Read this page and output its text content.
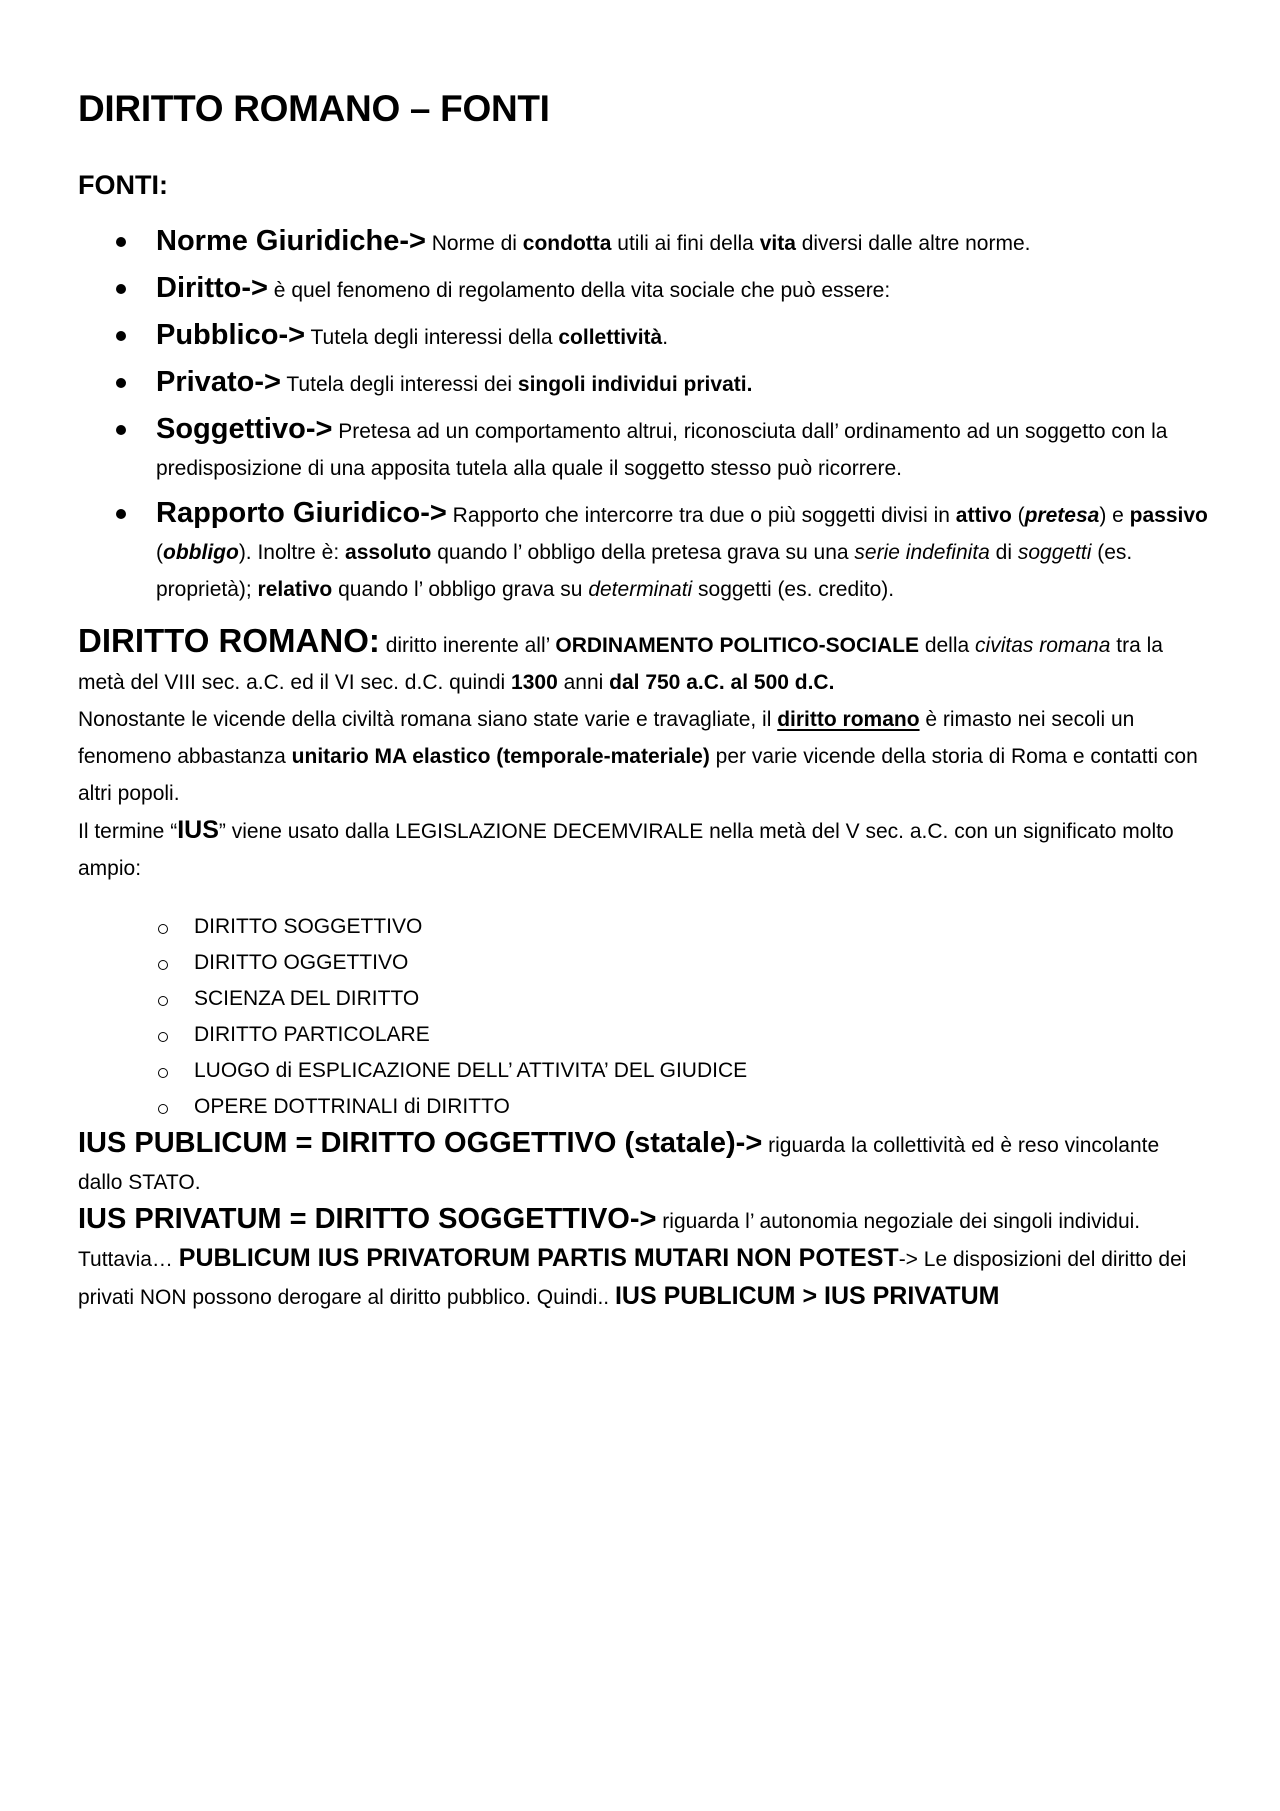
DIRITTO ROMANO – FONTI
FONTI:
Norme Giuridiche-> Norme di condotta utili ai fini della vita diversi dalle altre norme.
Diritto-> è quel fenomeno di regolamento della vita sociale che può essere:
Pubblico-> Tutela degli interessi della collettività.
Privato-> Tutela degli interessi dei singoli individui privati.
Soggettivo-> Pretesa ad un comportamento altrui, riconosciuta dall’ ordinamento ad un soggetto con la predisposizione di una apposita tutela alla quale il soggetto stesso può ricorrere.
Rapporto Giuridico-> Rapporto che intercorre tra due o più soggetti divisi in attivo (pretesa) e passivo (obbligo). Inoltre è: assoluto quando l’ obbligo della pretesa grava su una serie indefinita di soggetti (es. proprietà); relativo quando l’ obbligo grava su determinati soggetti (es. credito).

DIRITTO ROMANO: diritto inerente all’ ORDINAMENTO POLITICO-SOCIALE della civitas romana tra la metà del VIII sec. a.C. ed il VI sec. d.C. quindi 1300 anni dal 750 a.C. al 500 d.C.

Nonostante le vicende della civiltà romana siano state varie e travagliate, il diritto romano è rimasto nei secoli un fenomeno abbastanza unitario MA elastico (temporale-materiale) per varie vicende della storia di Roma e contatti con altri popoli.

Il termine “IUS” viene usato dalla LEGISLAZIONE DECEMVIRALE nella metà del V sec. a.C. con un significato molto ampio:

DIRITTO SOGGETTIVO
DIRITTO OGGETTIVO
SCIENZA DEL DIRITTO
DIRITTO PARTICOLARE
LUOGO di ESPLICAZIONE DELL’ ATTIVITA’ DEL GIUDICE
OPERE DOTTRINALI di DIRITTO

IUS PUBLICUM = DIRITTO OGGETTIVO (statale)-> riguarda la collettività ed è reso vincolante dallo STATO.

IUS PRIVATUM = DIRITTO SOGGETTIVO-> riguarda l’ autonomia negoziale dei singoli individui.

Tuttavia… PUBLICUM IUS PRIVATORUM PARTIS MUTARI NON POTEST-> Le disposizioni del diritto dei privati NON possono derogare al diritto pubblico. Quindi.. IUS PUBLICUM > IUS PRIVATUM
